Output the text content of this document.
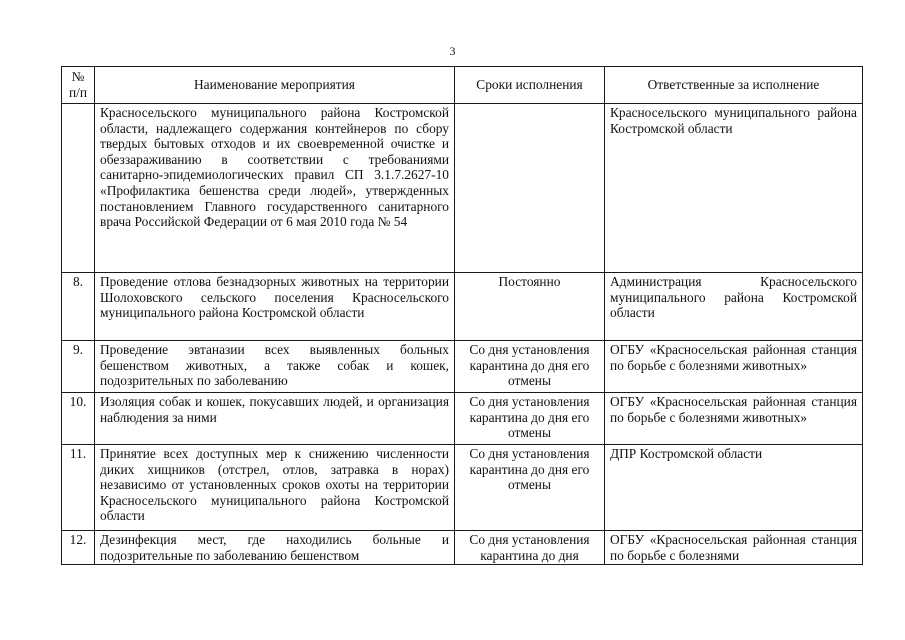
3
№ п/п	Наименование мероприятия	Сроки исполнения	Ответственные за исполнение
	Красносельского муниципального района Костромской области, надлежащего содержания контейнеров по сбору твердых бытовых отходов и их своевременной очистке и обеззараживанию в соответствии с требованиями санитарно-эпидемиологических правил СП 3.1.7.2627-10 «Профилактика бешенства среди людей», утвержденных постановлением Главного государственного санитарного врача Российской Федерации от 6 мая 2010 года № 54		Красносельского муниципального района Костромской области
8.	Проведение отлова безнадзорных животных на территории Шолоховского сельского поселения Красносельского муниципального района Костромской области	Постоянно	Администрация Красносельского муниципального района Костромской области
9.	Проведение эвтаназии всех выявленных больных бешенством животных, а также собак и кошек, подозрительных по заболеванию	Со дня установления карантина до дня его отмены	ОГБУ «Красносельская районная станция по борьбе с болезнями животных»
10.	Изоляция собак и кошек, покусавших людей, и организация наблюдения за ними	Со дня установления карантина до дня его отмены	ОГБУ «Красносельская районная станция по борьбе с болезнями животных»
11.	Принятие всех доступных мер к снижению численности диких хищников (отстрел, отлов, затравка в норах) независимо от установленных сроков охоты на территории Красносельского муниципального района Костромской области	Со дня установления карантина до дня его отмены	ДПР Костромской области
12.	Дезинфекция мест, где находились больные и подозрительные по заболеванию бешенством	Со дня установления карантина до дня	ОГБУ «Красносельская районная станция по борьбе с болезнями
